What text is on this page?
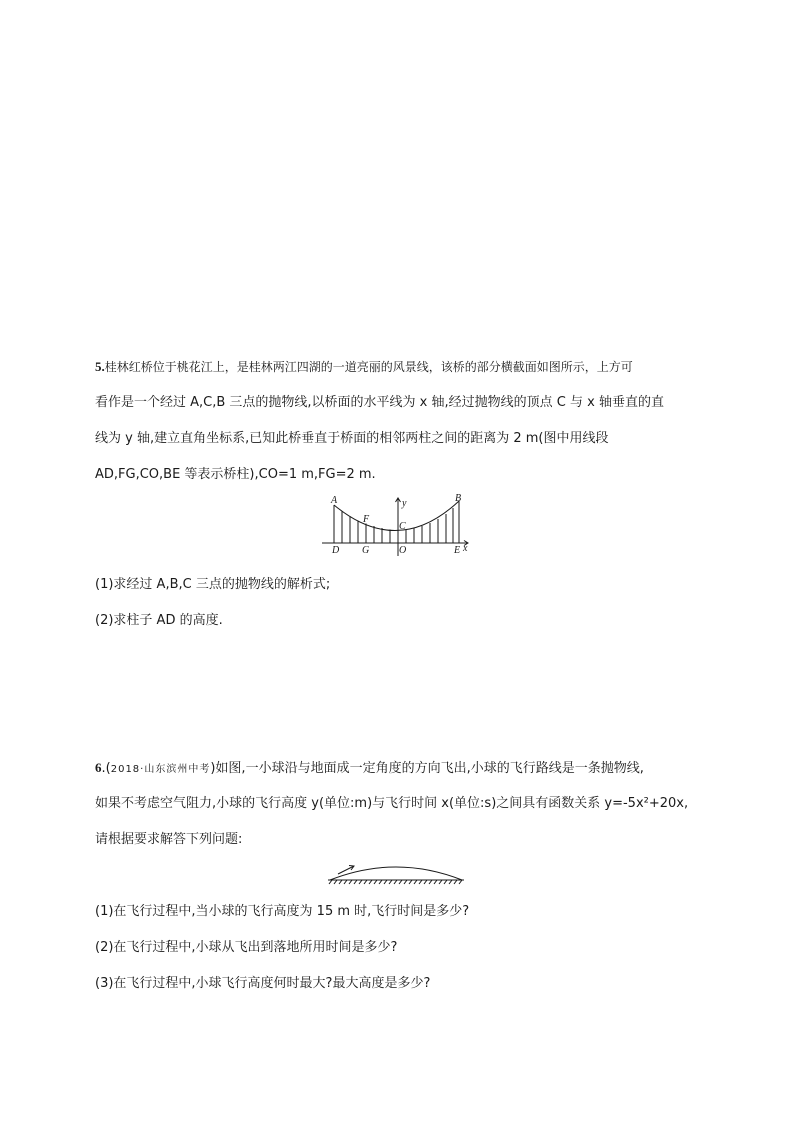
5.桂林红桥位于桃花江上，是桂林两江四湖的一道亮丽的风景线，该桥的部分横截面如图所示，上方可
看作是一个经过 A,C,B 三点的抛物线,以桥面的水平线为 x 轴,经过抛物线的顶点 C 与 x 轴垂直的直
线为 y 轴,建立直角坐标系,已知此桥垂直于桥面的相邻两柱之间的距离为 2 m(图中用线段
AD,FG,CO,BE 等表示桥柱),CO=1 m,FG=2 m.
A	B
C
F
D G	O	E x
y
(1)求经过 A,B,C 三点的抛物线的解析式;
(2)求柱子 AD 的高度.
6.(2018·山东滨州中考)如图,一小球沿与地面成一定角度的方向飞出,小球的飞行路线是一条抛物线,
如果不考虑空气阻力,小球的飞行高度 y(单位:m)与飞行时间 x(单位:s)之间具有函数关系 y=-5x²+20x,
请根据要求解答下列问题:
(1)在飞行过程中,当小球的飞行高度为 15 m 时,飞行时间是多少?
(2)在飞行过程中,小球从飞出到落地所用时间是多少?
(3)在飞行过程中,小球飞行高度何时最大?最大高度是多少?
